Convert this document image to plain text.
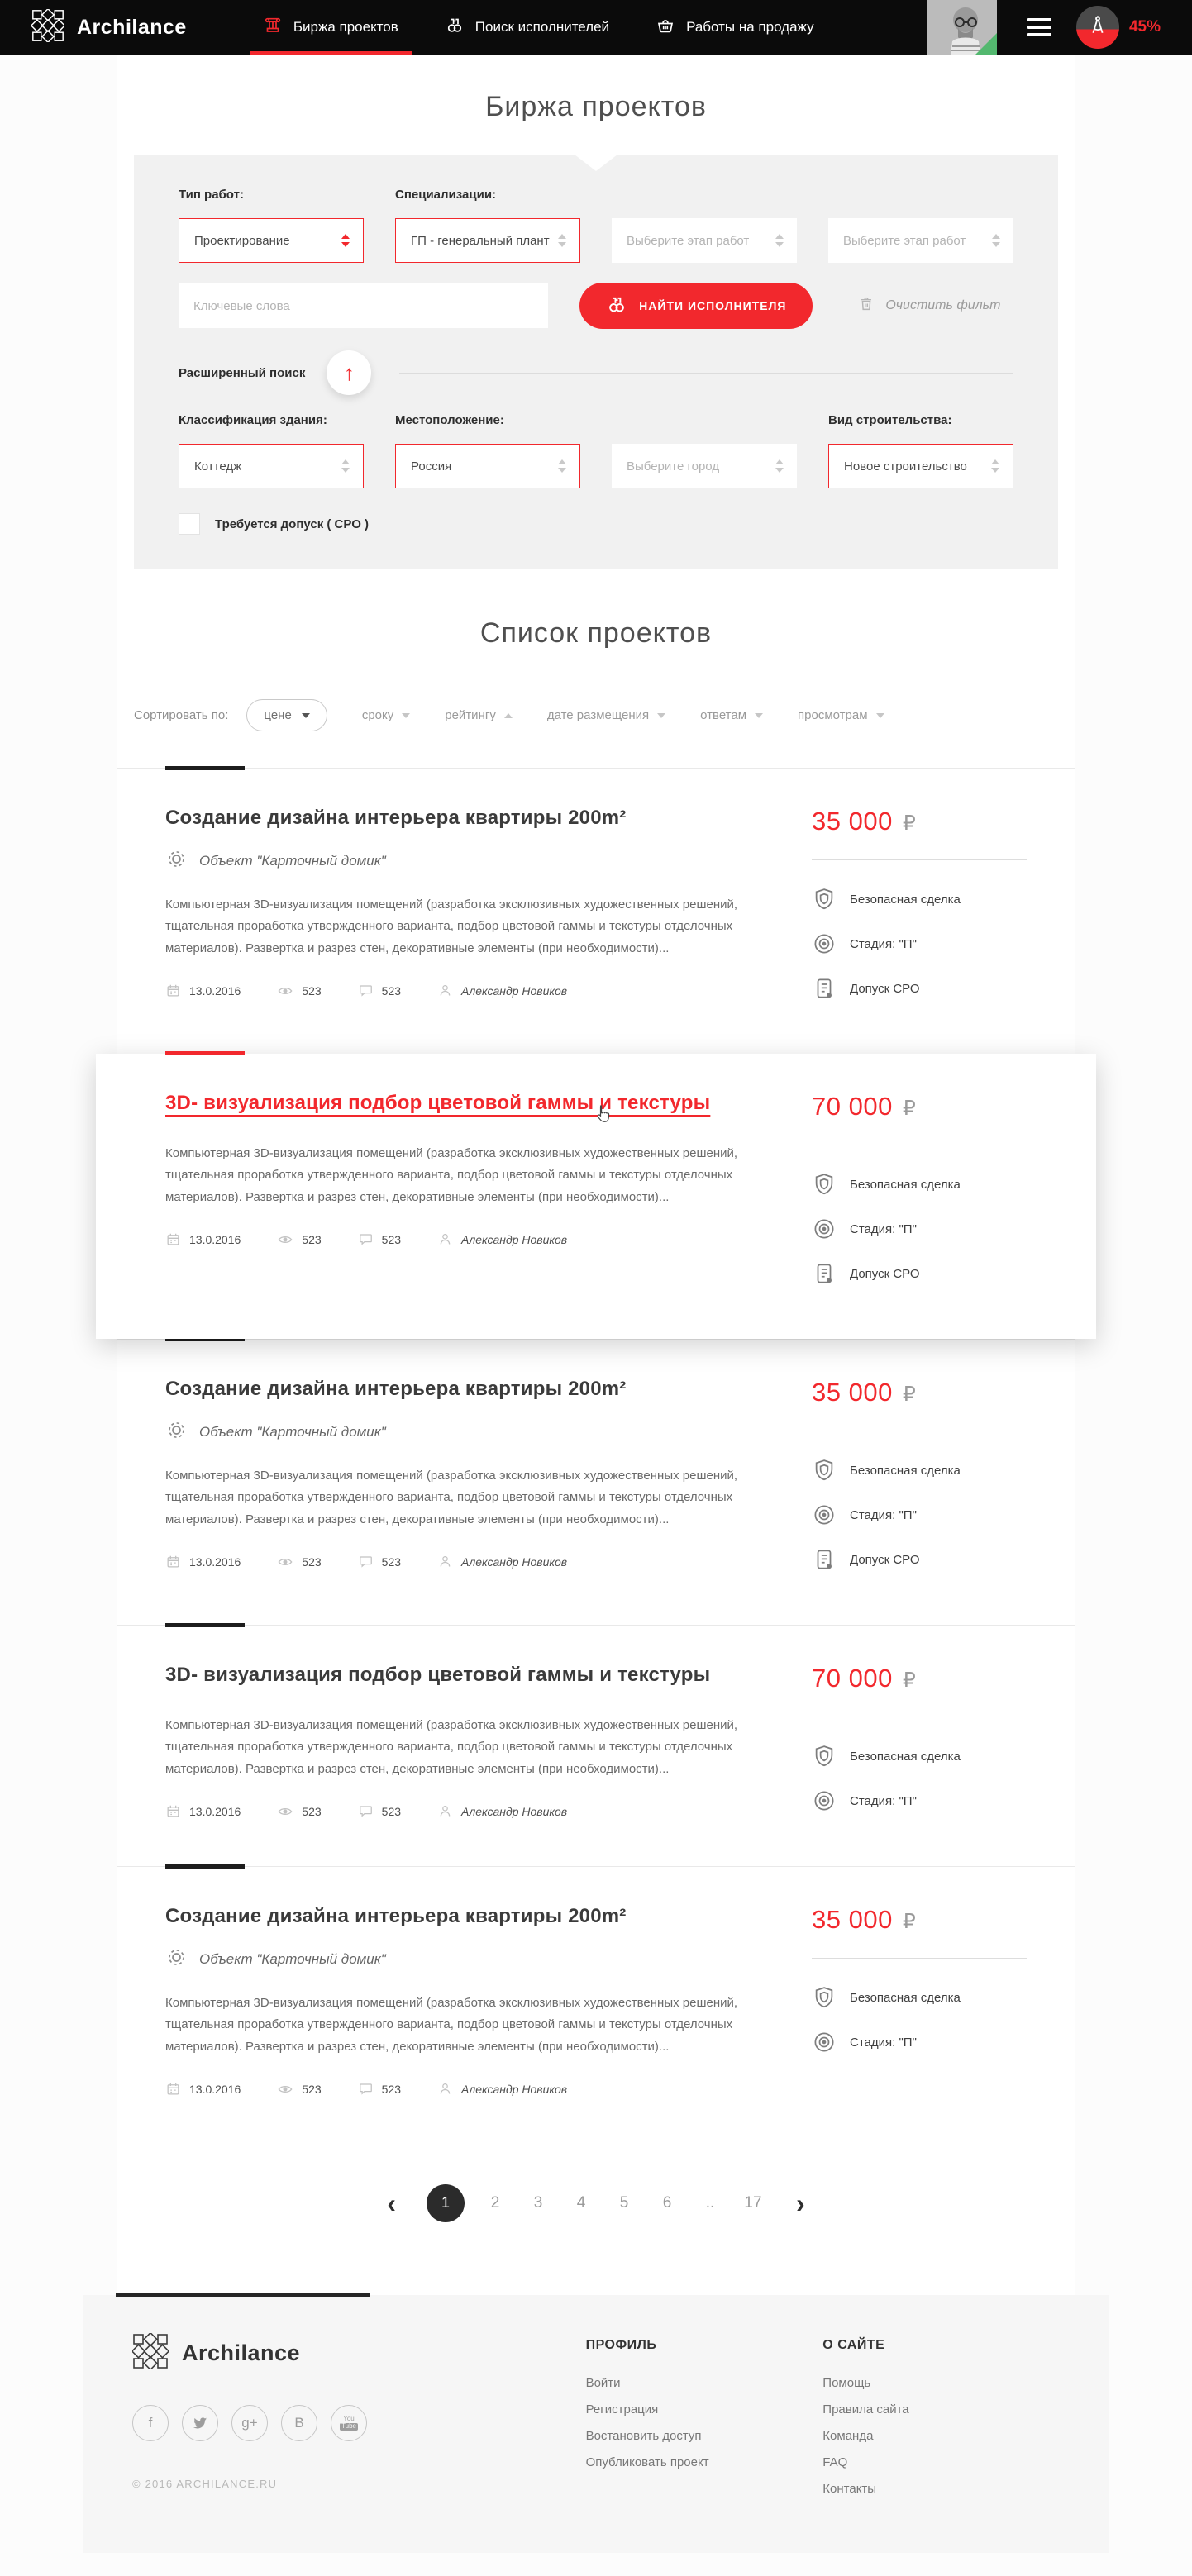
Archilance	Биржа проектов	Поиск исполнителей	Работы на продажу	45%
Биржа проектов
Тип работ:	Специализации:
Проектирование	ГП - генеральный плант	Выберите этап работ	Выберите этап работ
Ключевые слова
НАЙТИ ИСПОЛНИТЕЛЯ	Очистить фильт
Расширенный поиск ↑
Классификация здания:	Местоположение:	Вид строительства:
Коттедж	Россия	Выберите город	Новое строительство
Требуется допуск ( СРО )
Список проектов
Сортировать по:	цене	сроку	рейтингу	дате размещения	ответам	просмотрам
Создание дизайна интерьера квартиры 200m²
Объект "Карточный домик"

Компьютерная 3D-визуализация помещений (разработка эксклюзивных художественных решений, тщательная проработка утвержденного варианта, подбор цветовой гаммы и текстуры отделочных материалов). Развертка и разрез стен, декоративные элементы (при необходимости)...

13.0.2016	523	523	Александр Новиков
35 000 ₽
Безопасная сделка
Стадия: "П"
Допуск СРО
3D- визуализация подбор цветовой гаммы и текстуры

Компьютерная 3D-визуализация помещений (разработка эксклюзивных художественных решений, тщательная проработка утвержденного варианта, подбор цветовой гаммы и текстуры отделочных материалов). Развертка и разрез стен, декоративные элементы (при необходимости)...

13.0.2016	523	523	Александр Новиков
70 000 ₽
Безопасная сделка
Стадия: "П"
Допуск СРО
Создание дизайна интерьера квартиры 200m²
Объект "Карточный домик"

Компьютерная 3D-визуализация помещений (разработка эксклюзивных художественных решений, тщательная проработка утвержденного варианта, подбор цветовой гаммы и текстуры отделочных материалов). Развертка и разрез стен, декоративные элементы (при необходимости)...

13.0.2016	523	523	Александр Новиков
35 000 ₽
Безопасная сделка
Стадия: "П"
Допуск СРО
3D- визуализация подбор цветовой гаммы и текстуры

Компьютерная 3D-визуализация помещений (разработка эксклюзивных художественных решений, тщательная проработка утвержденного варианта, подбор цветовой гаммы и текстуры отделочных материалов). Развертка и разрез стен, декоративные элементы (при необходимости)...

13.0.2016	523	523	Александр Новиков
70 000 ₽
Безопасная сделка
Стадия: "П"
Создание дизайна интерьера квартиры 200m²
Объект "Карточный домик"

Компьютерная 3D-визуализация помещений (разработка эксклюзивных художественных решений, тщательная проработка утвержденного варианта, подбор цветовой гаммы и текстуры отделочных материалов). Развертка и разрез стен, декоративные элементы (при необходимости)...

13.0.2016	523	523	Александр Новиков
35 000 ₽
Безопасная сделка
Стадия: "П"
‹	1	2	3	4	5	6	..	17 ›
Archilance
f	g+	В	You
Tube
© 2016 ARCHILANCE.RU
ПРОФИЛЬ
Войти
Регистрация
Востановить доступ
Опубликовать проект
О САЙТЕ
Помощь
Правила сайта
Команда
FAQ
Контакты
